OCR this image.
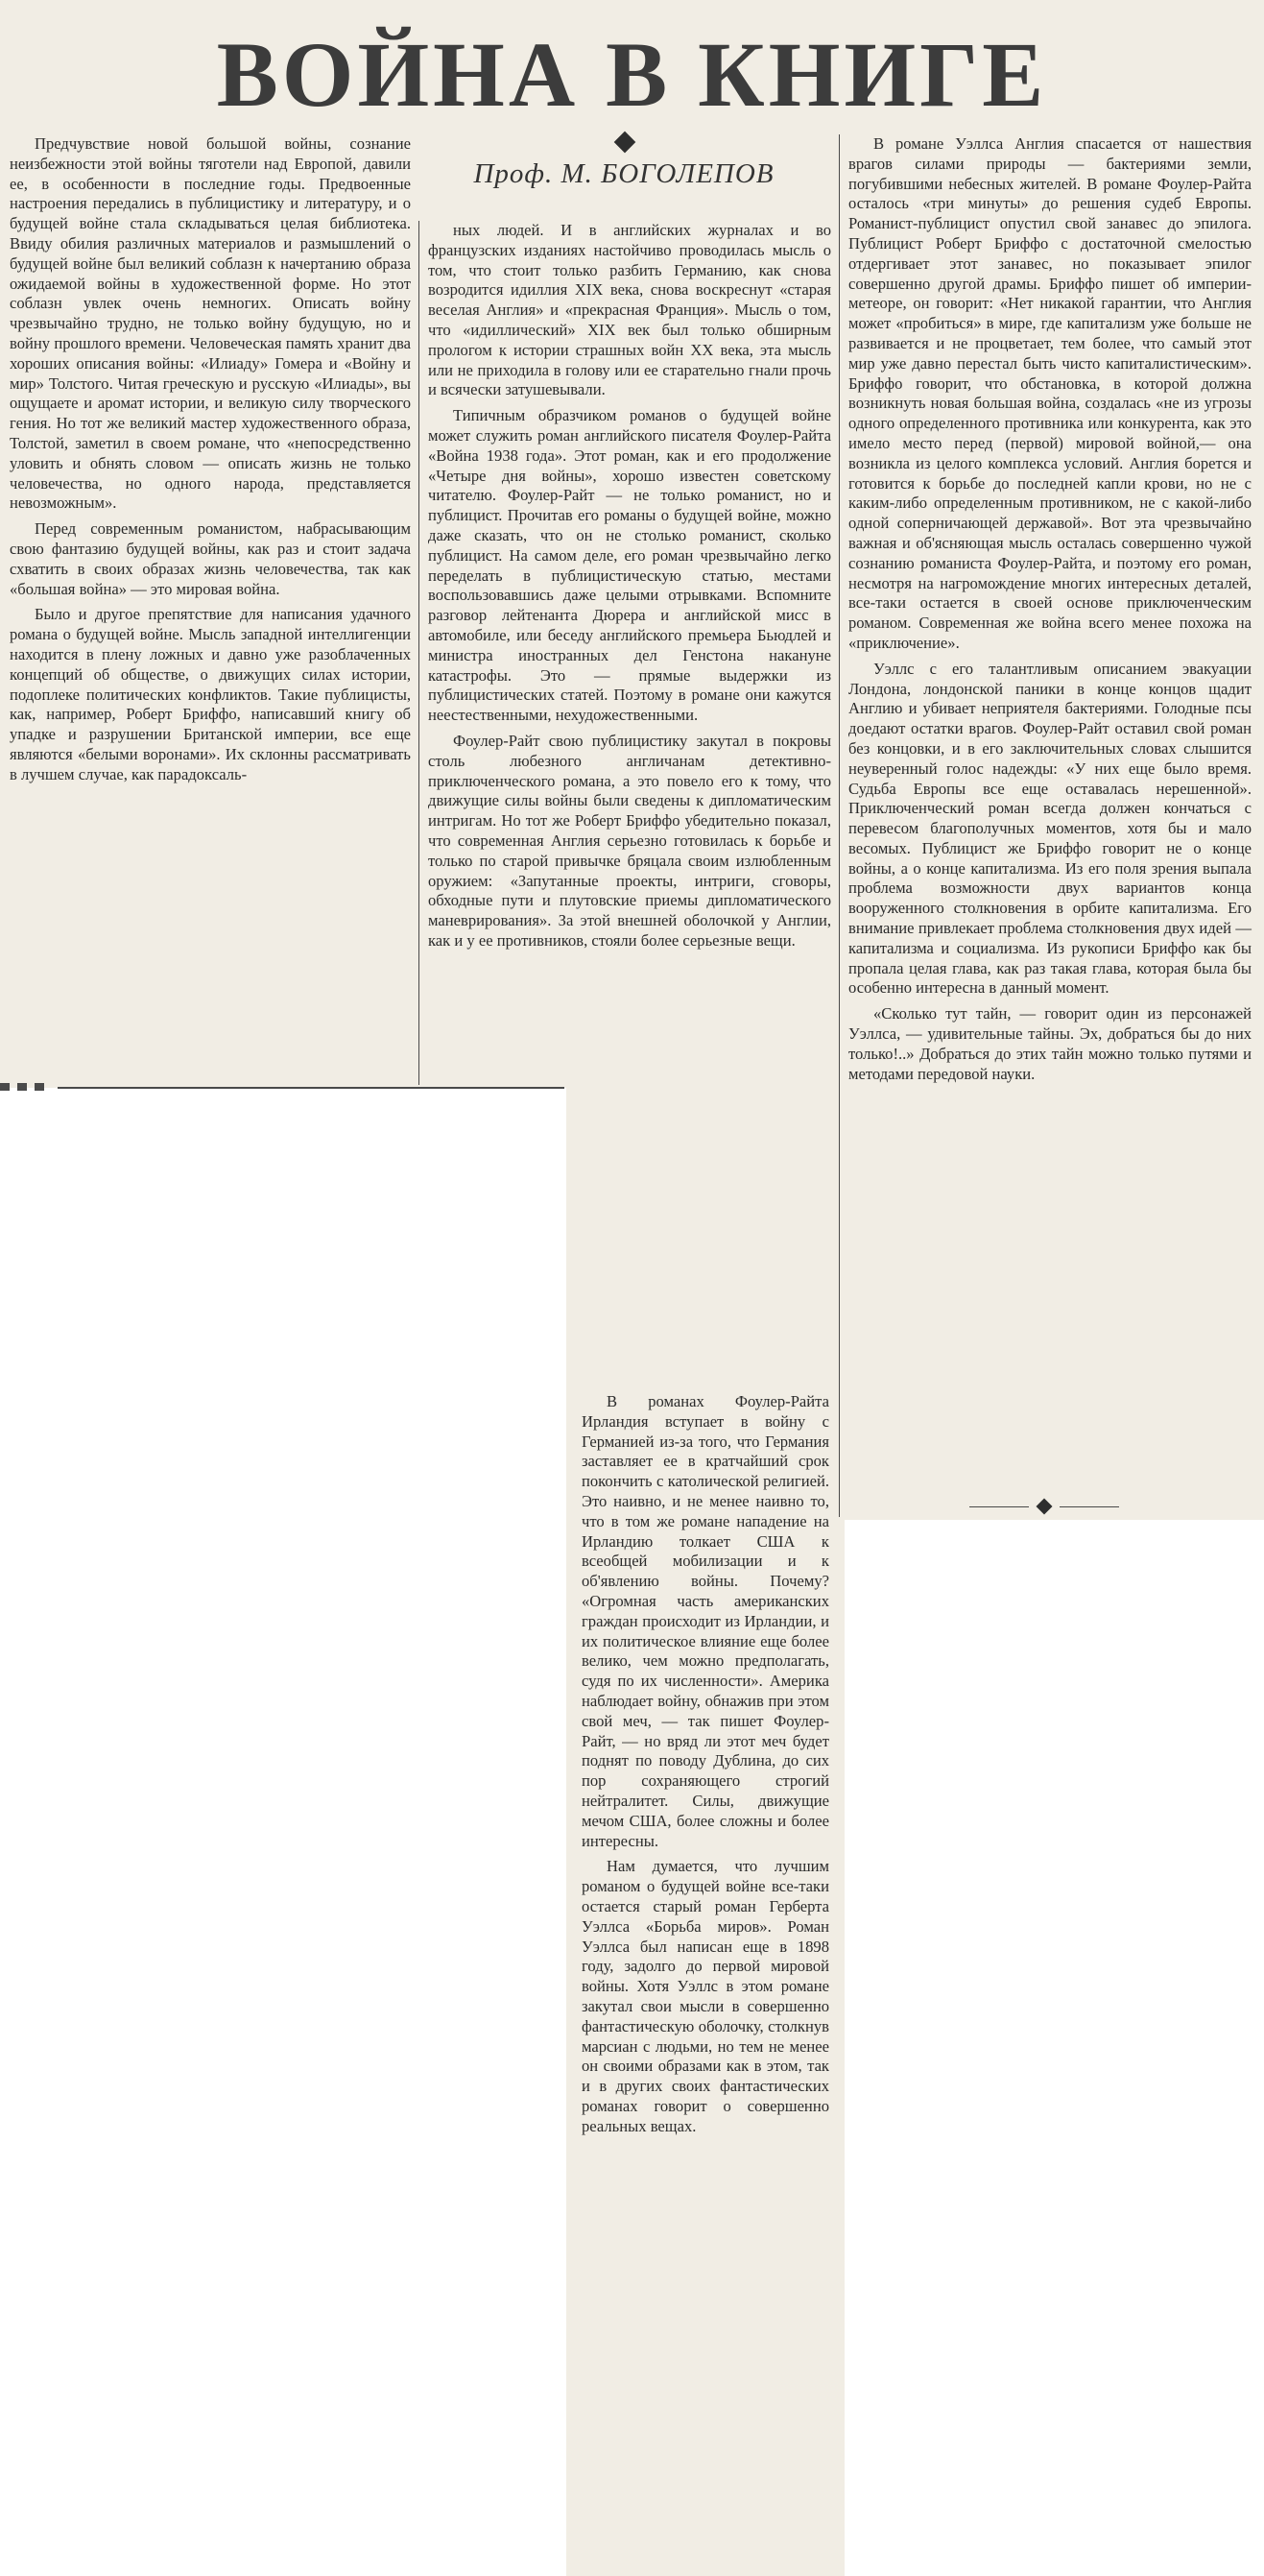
ВОЙНА В КНИГЕ
Проф. М. БОГОЛЕПОВ

Предчувствие новой большой войны, сознание неизбежности этой войны тяготели над Европой, давили ее, в особенности в последние годы. Предвоенные настроения передались в публицистику и литературу, и о будущей войне стала складываться целая библиотека. Ввиду обилия различных материалов и размышлений о будущей войне был великий соблазн к начертанию образа ожидаемой войны в художественной форме. Но этот соблазн увлек очень немногих. Описать войну чрезвычайно трудно, не только войну будущую, но и войну прошлого времени. Человеческая память хранит два хороших описания войны: «Илиаду» Гомера и «Войну и мир» Толстого. Читая греческую и русскую «Илиады», вы ощущаете и аромат истории, и великую силу творческого гения. Но тот же великий мастер художественного образа, Толстой, заметил в своем романе, что «непосредственно уловить и обнять словом — описать жизнь не только человечества, но одного народа, представляется невозможным».

Перед современным романистом, набрасывающим свою фантазию будущей войны, как раз и стоит задача схватить в своих образах жизнь человечества, так как «большая война» — это мировая война.

Было и другое препятствие для написания удачного романа о будущей войне. Мысль западной интеллигенции находится в плену ложных и давно уже разоблаченных концепций об обществе, о движущих силах истории, подоплеке политических конфликтов. Такие публицисты, как, например, Роберт Бриффо, написавший книгу об упадке и разрушении Британской империи, все еще являются «белыми воронами». Их склонны рассматривать в лучшем случае, как парадоксаль-

ных людей. И в английских журналах и во французских изданиях настойчиво проводилась мысль о том, что стоит только разбить Германию, как снова возродится идиллия XIX века, снова воскреснут «старая веселая Англия» и «прекрасная Франция». Мысль о том, что «идиллический» XIX век был только обширным прологом к истории страшных войн XX века, эта мысль или не приходила в голову или ее старательно гнали прочь и всячески затушевывали.

Типичным образчиком романов о будущей войне может служить роман английского писателя Фоулер-Райта «Война 1938 года». Этот роман, как и его продолжение «Четыре дня войны», хорошо известен советскому читателю. Фоулер-Райт — не только романист, но и публицист. Прочитав его романы о будущей войне, можно даже сказать, что он не столько романист, сколько публицист. На самом деле, его роман чрезвычайно легко переделать в публицистическую статью, местами воспользовавшись даже целыми отрывками. Вспомните разговор лейтенанта Дюрера и английской мисс в автомобиле, или беседу английского премьера Бьюдлей и министра иностранных дел Генстона накануне катастрофы. Это — прямые выдержки из публицистических статей. Поэтому в романе они кажутся неестественными, нехудожественными.

Фоулер-Райт свою публицистику закутал в покровы столь любезного англичанам детективно-приключенческого романа, а это повело его к тому, что движущие силы войны были сведены к дипломатическим интригам. Но тот же Роберт Бриффо убедительно показал, что современная Англия серьезно готовилась к борьбе и только по старой привычке бряцала своим излюбленным оружием: «Запутанные проекты, интриги, сговоры, обходные пути и плутовские приемы дипломатического маневрирования». За этой внешней оболочкой у Англии, как и у ее противников, стояли более серьезные вещи.

В романах Фоулер-Райта Ирландия вступает в войну с Германией из-за того, что Германия заставляет ее в кратчайший срок покончить с католической религией. Это наивно, и не менее наивно то, что в том же романе нападение на Ирландию толкает США к всеобщей мобилизации и к об'явлению войны. Почему? «Огромная часть американских граждан происходит из Ирландии, и их политическое влияние еще более велико, чем можно предполагать, судя по их численности». Америка наблюдает войну, обнажив при этом свой меч, — так пишет Фоулер-Райт, — но вряд ли этот меч будет поднят по поводу Дублина, до сих пор сохраняющего строгий нейтралитет. Силы, движущие мечом США, более сложны и более интересны.

Нам думается, что лучшим романом о будущей войне все-таки остается старый роман Герберта Уэллса «Борьба миров». Роман Уэллса был написан еще в 1898 году, задолго до первой мировой войны. Хотя Уэллс в этом романе закутал свои мысли в совершенно фантастическую оболочку, столкнув марсиан с людьми, но тем не менее он своими образами как в этом, так и в других своих фантастических романах говорит о совершенно реальных вещах.

В романе Уэллса Англия спасается от нашествия врагов силами природы — бактериями земли, погубившими небесных жителей. В романе Фоулер-Райта осталось «три минуты» до решения судеб Европы. Романист-публицист опустил свой занавес до эпилога. Публицист Роберт Бриффо с достаточной смелостью отдергивает этот занавес, но показывает эпилог совершенно другой драмы. Бриффо пишет об империи-метеоре, он говорит: «Нет никакой гарантии, что Англия может «пробиться» в мире, где капитализм уже больше не развивается и не процветает, тем более, что самый этот мир уже давно перестал быть чисто капиталистическим». Бриффо говорит, что обстановка, в которой должна возникнуть новая большая война, создалась «не из угрозы одного определенного противника или конкурента, как это имело место перед (первой) мировой войной,— она возникла из целого комплекса условий. Англия борется и готовится к борьбе до последней капли крови, но не с каким-либо определенным противником, не с какой-либо одной соперничающей державой». Вот эта чрезвычайно важная и об'ясняющая мысль осталась совершенно чужой сознанию романиста Фоулер-Райта, и поэтому его роман, несмотря на нагромождение многих интересных деталей, все-таки остается в своей основе приключенческим романом. Современная же война всего менее похожа на «приключение».

Уэллс с его талантливым описанием эвакуации Лондона, лондонской паники в конце концов щадит Англию и убивает неприятеля бактериями. Голодные псы доедают остатки врагов. Фоулер-Райт оставил свой роман без концовки, и в его заключительных словах слышится неуверенный голос надежды: «У них еще было время. Судьба Европы все еще оставалась нерешенной». Приключенческий роман всегда должен кончаться с перевесом благополучных моментов, хотя бы и мало весомых. Публицист же Бриффо говорит не о конце войны, а о конце капитализма. Из его поля зрения выпала проблема возможности двух вариантов конца вооруженного столкновения в орбите капитализма. Его внимание привлекает проблема столкновения двух идей — капитализма и социализма. Из рукописи Бриффо как бы пропала целая глава, как раз такая глава, которая была бы особенно интересна в данный момент.

«Сколько тут тайн, — говорит один из персонажей Уэллса, — удивительные тайны. Эх, добраться бы до них только!..» Добраться до этих тайн можно только путями и методами передовой науки.
